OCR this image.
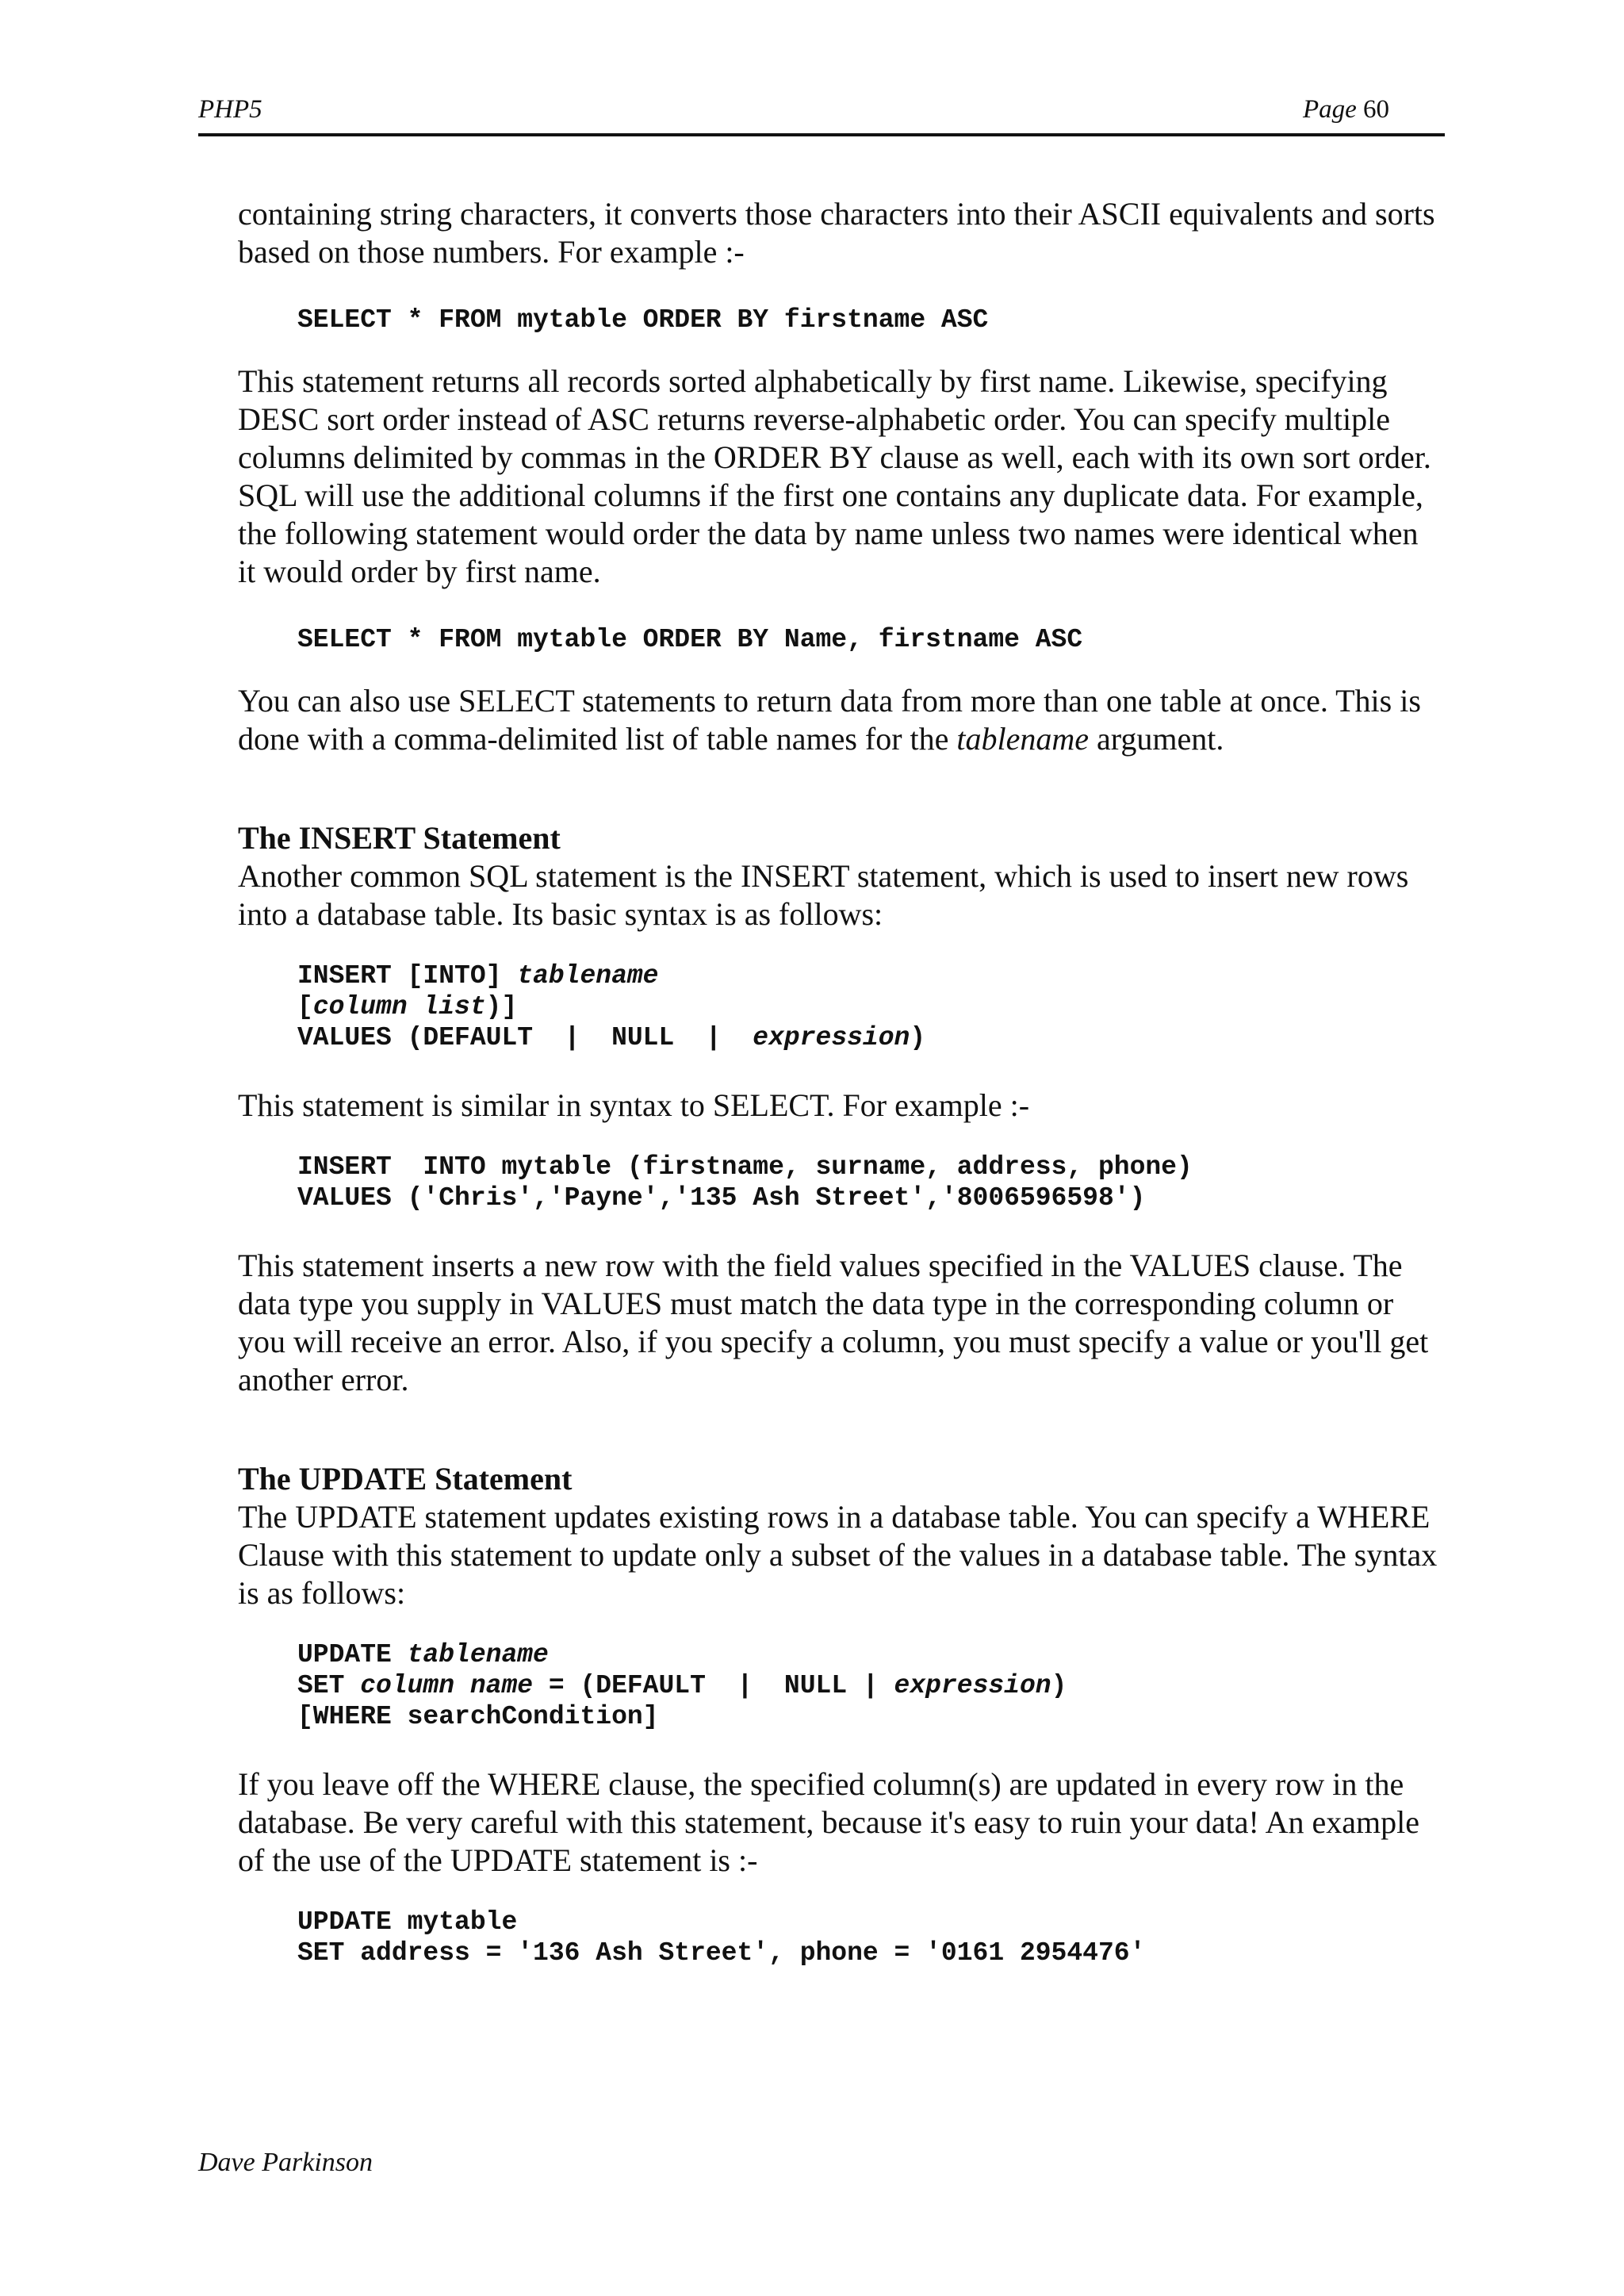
PHP5	Page 60

containing string characters, it converts those characters into their ASCII equivalents and sorts based on those numbers. For example :-

SELECT * FROM mytable ORDER BY firstname ASC

This statement returns all records sorted alphabetically by first name. Likewise, specifying DESC sort order instead of ASC returns reverse-alphabetic order. You can specify multiple columns delimited by commas in the ORDER BY clause as well, each with its own sort order. SQL will use the additional columns if the first one contains any duplicate data. For example, the following statement would order the data by name unless two names were identical when it would order by first name.

SELECT * FROM mytable ORDER BY Name, firstname ASC

You can also use SELECT statements to return data from more than one table at once. This is done with a comma-delimited list of table names for the tablename argument.

The INSERT Statement

Another common SQL statement is the INSERT statement, which is used to insert new rows into a database table. Its basic syntax is as follows:

INSERT [INTO] tablename
[column list)]
VALUES (DEFAULT  |  NULL  |  expression)

This statement is similar in syntax to SELECT. For example :-

INSERT  INTO mytable (firstname, surname, address, phone)
VALUES ('Chris','Payne','135 Ash Street','8006596598')

This statement inserts a new row with the field values specified in the VALUES clause. The data type you supply in VALUES must match the data type in the corresponding column or you will receive an error. Also, if you specify a column, you must specify a value or you'll get another error.

The UPDATE Statement

The UPDATE statement updates existing rows in a database table. You can specify a WHERE Clause with this statement to update only a subset of the values in a database table. The syntax is as follows:

UPDATE tablename
SET column name = (DEFAULT  |  NULL | expression)
[WHERE searchCondition]

If you leave off the WHERE clause, the specified column(s) are updated in every row in the database. Be very careful with this statement, because it's easy to ruin your data! An example of the use of the UPDATE statement is :-

UPDATE mytable
SET address = '136 Ash Street', phone = '0161 2954476'
Dave Parkinson
